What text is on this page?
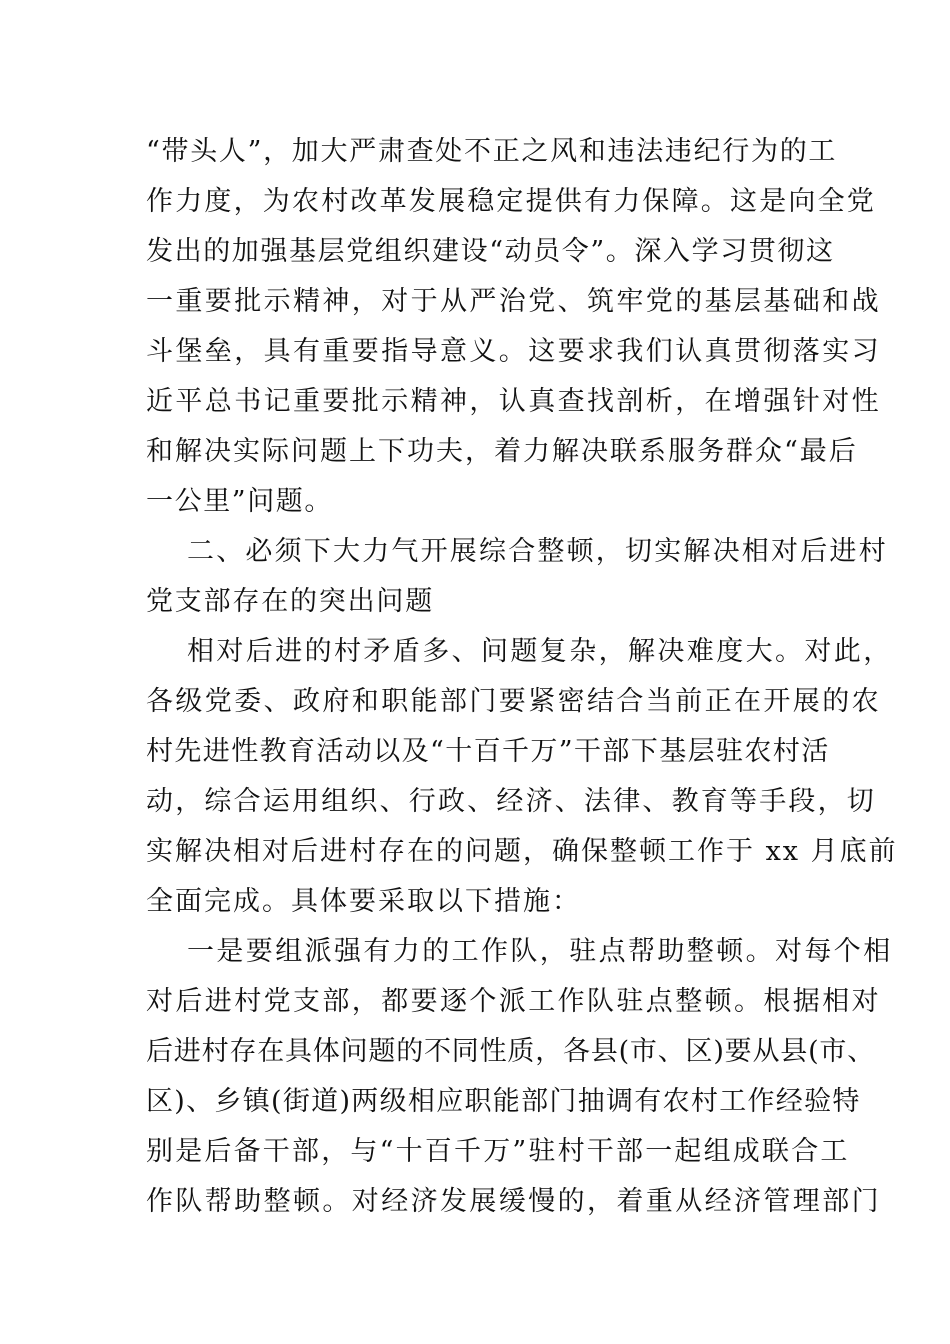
“带头人”，加大严肃查处不正之风和违法违纪行为的工
作力度，为农村改革发展稳定提供有力保障。这是向全党
发出的加强基层党组织建设“动员令”。深入学习贯彻这
一重要批示精神，对于从严治党、筑牢党的基层基础和战
斗堡垒，具有重要指导意义。这要求我们认真贯彻落实习
近平总书记重要批示精神，认真查找剖析，在增强针对性
和解决实际问题上下功夫，着力解决联系服务群众“最后
一公里”问题。
二、必须下大力气开展综合整顿，切实解决相对后进村
党支部存在的突出问题
相对后进的村矛盾多、问题复杂，解决难度大。对此，
各级党委、政府和职能部门要紧密结合当前正在开展的农
村先进性教育活动以及“十百千万”干部下基层驻农村活
动，综合运用组织、行政、经济、法律、教育等手段，切
实解决相对后进村存在的问题，确保整顿工作于 xx 月底前
全面完成。具体要采取以下措施：
一是要组派强有力的工作队，驻点帮助整顿。对每个相
对后进村党支部，都要逐个派工作队驻点整顿。根据相对
后进村存在具体问题的不同性质，各县(市、区)要从县(市、
区)、乡镇(街道)两级相应职能部门抽调有农村工作经验特
别是后备干部，与“十百千万”驻村干部一起组成联合工
作队帮助整顿。对经济发展缓慢的，着重从经济管理部门
